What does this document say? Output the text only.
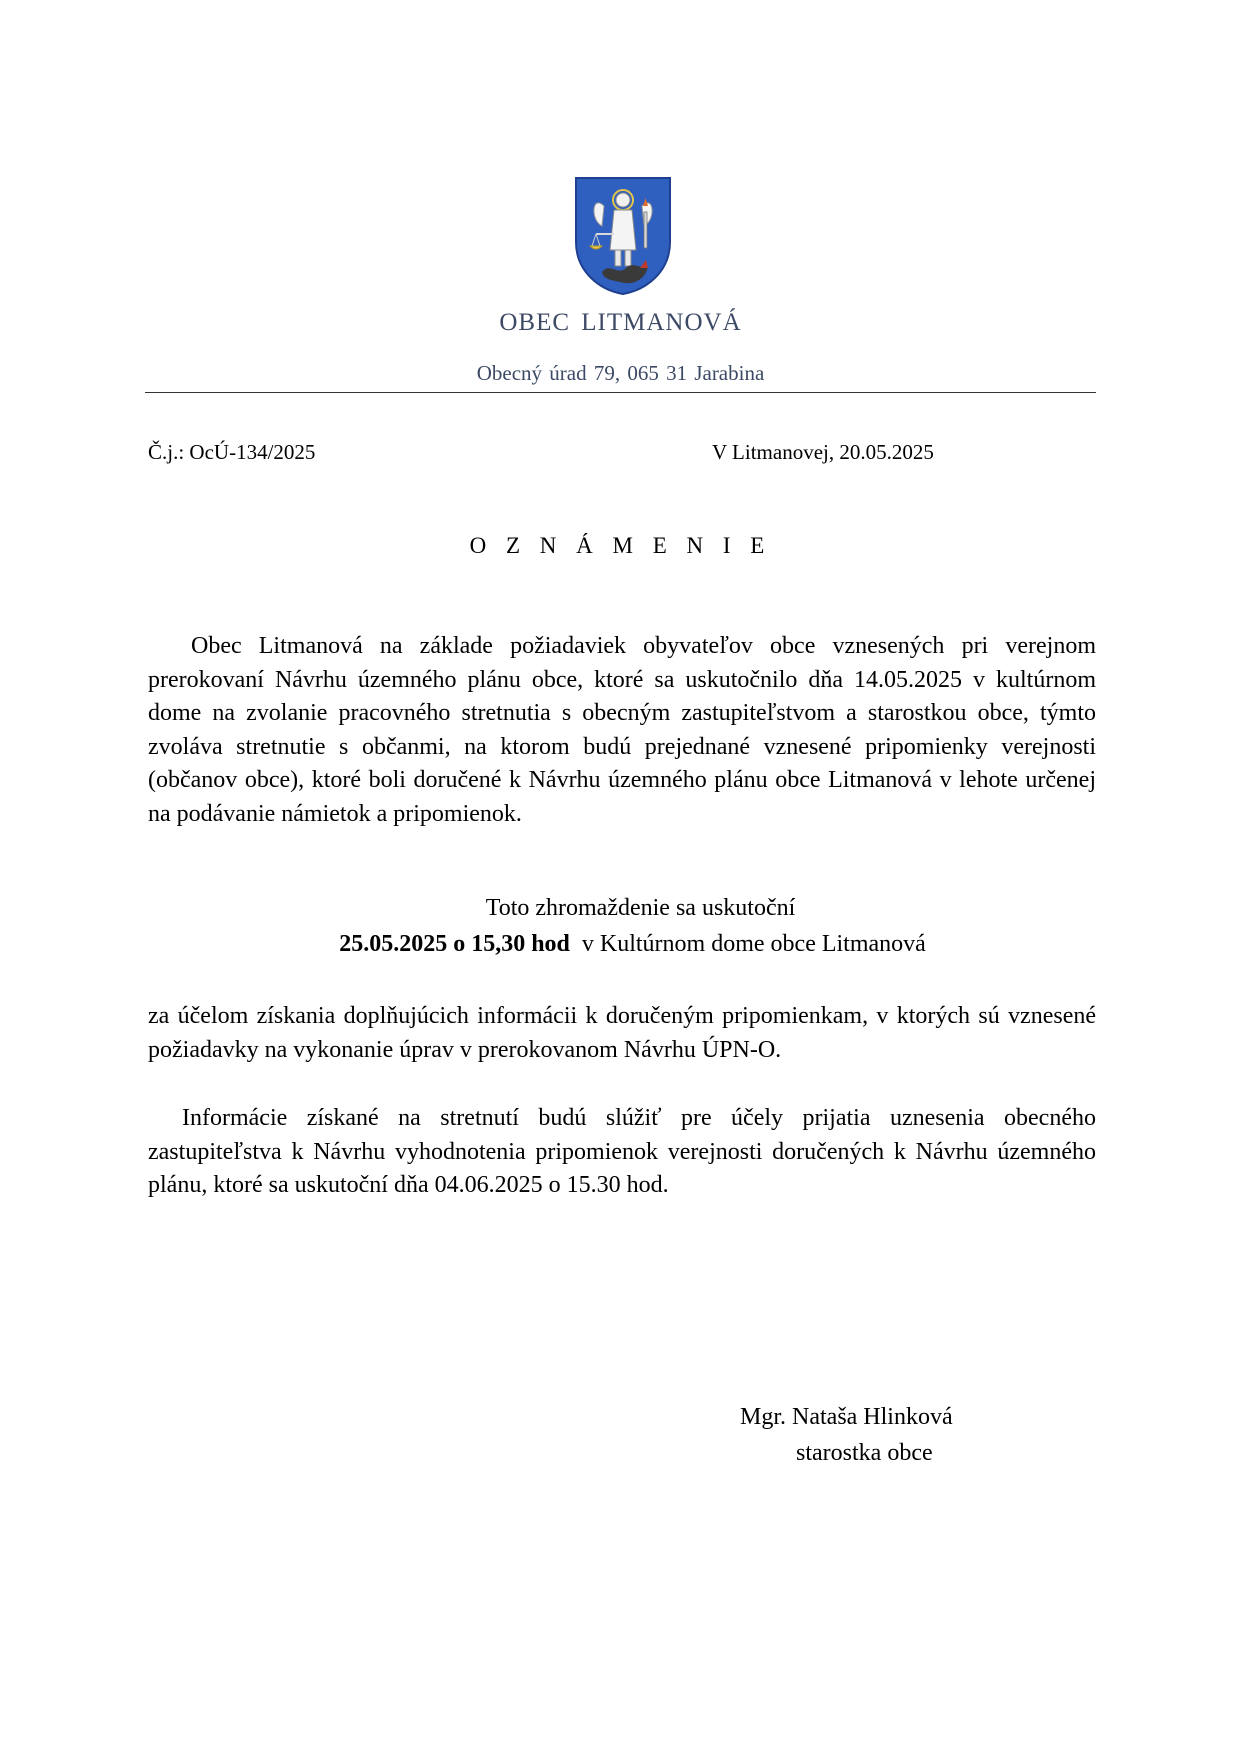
OBEC LITMANOVÁ
Obecný úrad 79, 065 31 Jarabina
Č.j.: OcÚ-134/2025	V Litmanovej, 20.05.2025
O Z N Á M E N I E

Obec Litmanová na základe požiadaviek obyvateľov obce vznesených pri verejnom prerokovaní Návrhu územného plánu obce, ktoré sa uskutočnilo dňa 14.05.2025 v kultúrnom dome na zvolanie pracovného stretnutia s obecným zastupiteľstvom a starostkou obce, týmto zvoláva stretnutie s občanmi, na ktorom budú prejednané vznesené pripomienky verejnosti (občanov obce), ktoré boli doručené k Návrhu územného plánu obce Litmanová v lehote určenej na podávanie námietok a pripomienok.

Toto zhromaždenie sa uskutoční
25.05.2025 o 15,30 hod v Kultúrnom dome obce Litmanová

za účelom získania doplňujúcich informácii k doručeným pripomienkam, v ktorých sú vznesené požiadavky na vykonanie úprav v prerokovanom Návrhu ÚPN-O.

Informácie získané na stretnutí budú slúžiť pre účely prijatia uznesenia obecného zastupiteľstva k Návrhu vyhodnotenia pripomienok verejnosti doručených k Návrhu územného plánu, ktoré sa uskutoční dňa 04.06.2025 o 15.30 hod.

Mgr. Nataša Hlinková
starostka obce
